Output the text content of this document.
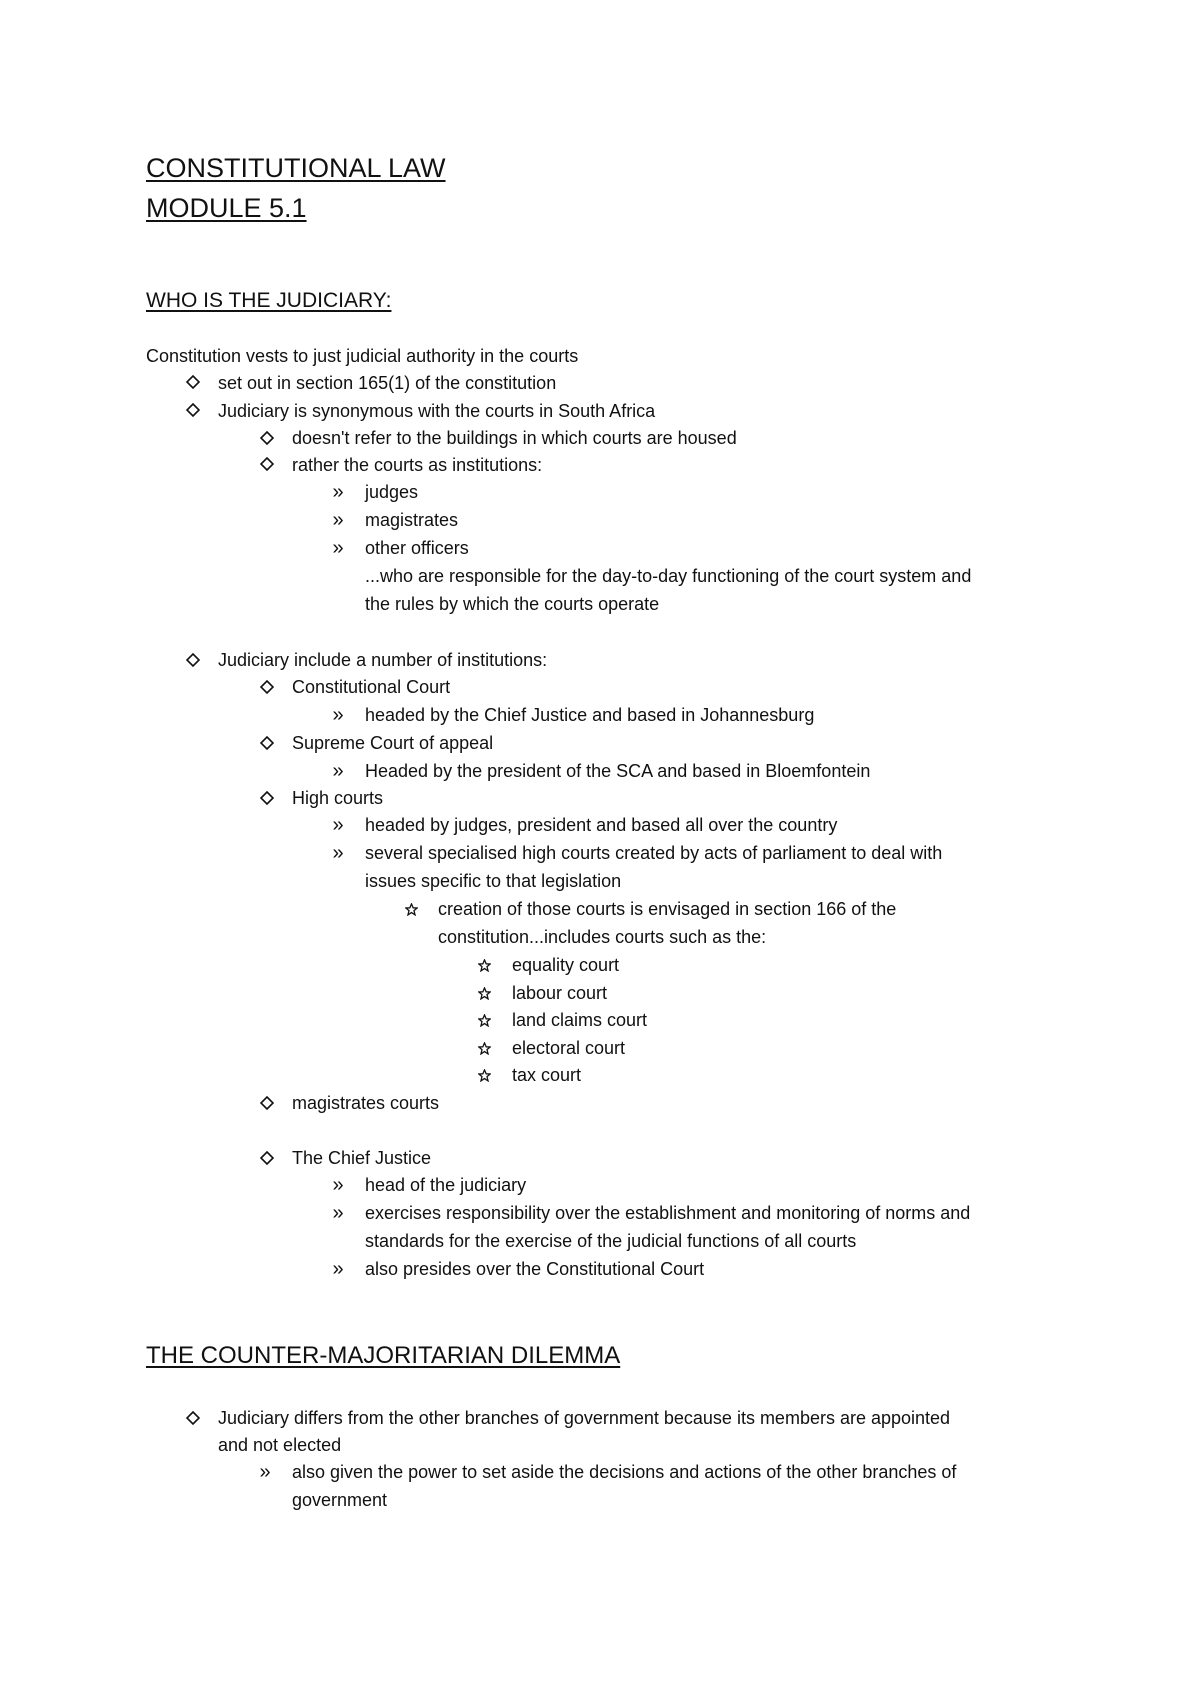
CONSTITUTIONAL LAW
MODULE 5.1
WHO IS THE JUDICIARY:
Constitution vests to just judicial authority in the courts
set out in section 165(1) of the constitution
Judiciary is synonymous with the courts in South Africa
doesn't refer to the buildings in which courts are housed
rather the courts as institutions:
» judges
» magistrates
» other officers
...who are responsible for the day-to-day functioning of the court system and
the rules by which the courts operate
Judiciary include a number of institutions:
Constitutional Court
» headed by the Chief Justice and based in Johannesburg
Supreme Court of appeal
» Headed by the president of the SCA and based in Bloemfontein
High courts
» headed by judges, president and based all over the country
» several specialised high courts created by acts of parliament to deal with
issues specific to that legislation
creation of those courts is envisaged in section 166 of the
constitution...includes courts such as the:
equality court
labour court
land claims court
electoral court
tax court
magistrates courts
The Chief Justice
» head of the judiciary
» exercises responsibility over the establishment and monitoring of norms and
standards for the exercise of the judicial functions of all courts
» also presides over the Constitutional Court
THE COUNTER-MAJORITARIAN DILEMMA
Judiciary differs from the other branches of government because its members are appointed
and not elected
» also given the power to set aside the decisions and actions of the other branches of
government
